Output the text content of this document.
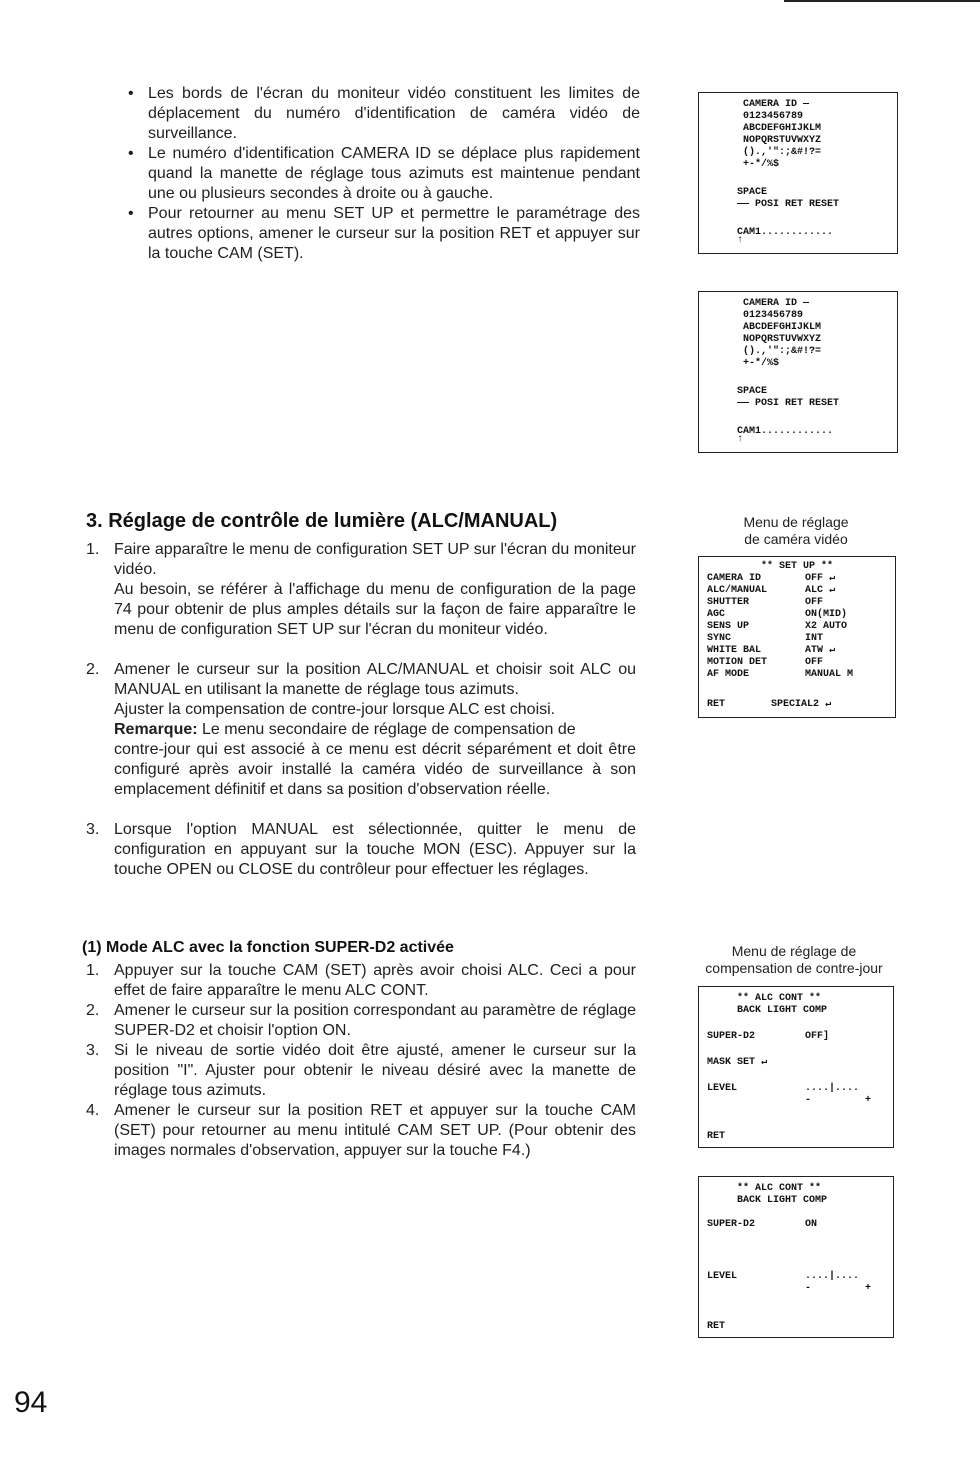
• Les bords de l'écran du moniteur vidéo constituent les limites de déplacement du numéro d'identification de caméra vidéo de surveillance.

• Le numéro d'identification CAMERA ID se déplace plus rapidement quand la manette de réglage tous azimuts est maintenue pendant une ou plusieurs secondes à droite ou à gauche.

• Pour retourner au menu SET UP et permettre le paramétrage des autres options, amener le curseur sur la position RET et appuyer sur la touche CAM (SET).

CAMERA ID ―

0123456789

ABCDEFGHIJKLM

NOPQRSTUVWXYZ

().,'":;&#!?=

+-*/%$

SPACE

―― POSI RET RESET

CAM1............

↑

CAMERA ID ―

0123456789

ABCDEFGHIJKLM

NOPQRSTUVWXYZ

().,'":;&#!?=

+-*/%$

SPACE

―― POSI RET RESET

CAM1............

↑

3. Réglage de contrôle de lumière (ALC/MANUAL)
1. Faire apparaître le menu de configuration SET UP sur l'écran du moniteur vidéo.

Au besoin, se référer à l'affichage du menu de configuration de la page 74 pour obtenir de plus amples détails sur la façon de faire apparaître le menu de configuration SET UP sur l'écran du moniteur vidéo.

2. Amener le curseur sur la position ALC/MANUAL et choisir soit ALC ou MANUAL en utilisant la manette de réglage tous azimuts.

Ajuster la compensation de contre-jour lorsque ALC est choisi.

Remarque: Le menu secondaire de réglage de compensation de

contre-jour qui est associé à ce menu est décrit séparément et doit être configuré après avoir installé la caméra vidéo de surveillance à son emplacement définitif et dans sa position d'observation réelle.

3. Lorsque l'option MANUAL est sélectionnée, quitter le menu de configuration en appuyant sur la touche MON (ESC). Appuyer sur la touche OPEN ou CLOSE du contrôleur pour effectuer les réglages.

Menu de réglage
de caméra vidéo

** SET UP **

CAMERA ID

	OFF ↵

ALC/MANUAL

	ALC ↵

SHUTTER

	OFF

AGC

	ON(MID)

SENS UP

	X2 AUTO

SYNC

	INT

WHITE BAL

	ATW ↵

MOTION DET

	OFF

AF MODE

	MANUAL M

RET

	SPECIAL2 ↵

(1) Mode ALC avec la fonction SUPER-D2 activée
1. Appuyer sur la touche CAM (SET) après avoir choisi ALC. Ceci a pour effet de faire apparaître le menu ALC CONT.

2. Amener le curseur sur la position correspondant au paramètre de réglage SUPER-D2 et choisir l'option ON.

3. Si le niveau de sortie vidéo doit être ajusté, amener le curseur sur la position "I". Ajuster pour obtenir le niveau désiré avec la manette de réglage tous azimuts.

4. Amener le curseur sur la position RET et appuyer sur la touche CAM (SET) pour retourner au menu intitulé CAM SET UP. (Pour obtenir des images normales d'observation, appuyer sur la touche F4.)

Menu de réglage de
compensation de contre-jour

** ALC CONT **

BACK LIGHT COMP

SUPER-D2

	OFF]

MASK SET ↵

LEVEL

	....|....

-

	+

RET

** ALC CONT **

BACK LIGHT COMP

SUPER-D2

	ON

LEVEL

	....|....

-

	+

RET

94
